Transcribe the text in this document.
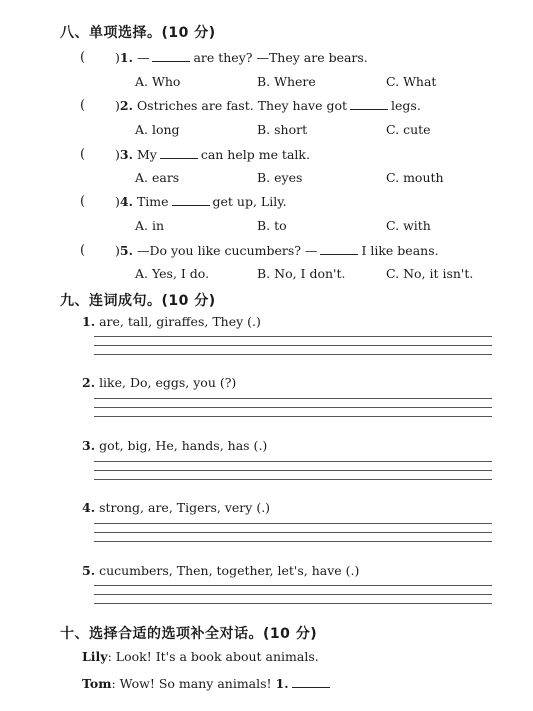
八、单项选择。(10 分)
( )1. —	are they? —They are bears.
A. Who	B. Where	C. What
( )2. Ostriches are fast. They have got	legs.
A. long	B. short	C. cute
( )3. My	can help me talk.
A. ears	B. eyes	C. mouth
( )4. Time	get up, Lily.
A. in	B. to	C. with
( )5. —Do you like cucumbers? —	I like beans.
A. Yes, I do.	B. No, I don't.	C. No, it isn't.
九、连词成句。(10 分)
1. are, tall, giraffes, They (.)
2. like, Do, eggs, you (?)
3. got, big, He, hands, has (.)
4. strong, are, Tigers, very (.)
5. cucumbers, Then, together, let's, have (.)
十、选择合适的选项补全对话。(10 分)
Lily: Look! It's a book about animals.
Tom: Wow! So many animals! 1.
